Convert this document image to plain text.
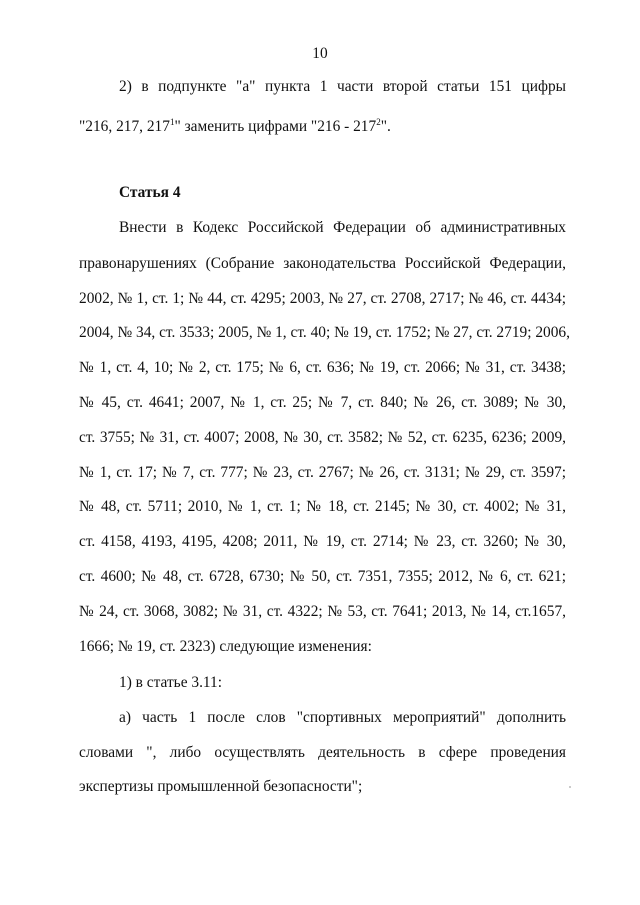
10
2) в подпункте "а" пункта 1 части второй статьи 151 цифры
"216, 217, $217^1$" заменить цифрами "$216 - 217^2$".
Статья 4
Внести в Кодекс Российской Федерации об административных
правонарушениях (Собрание законодательства Российской Федерации,
2002, № 1, ст. 1; № 44, ст. 4295; 2003, № 27, ст. 2708, 2717; № 46, ст. 4434;
2004, № 34, ст. 3533; 2005, № 1, ст. 40; № 19, ст. 1752; № 27, ст. 2719; 2006,
№ 1, ст. 4, 10; № 2, ст. 175; № 6, ст. 636; № 19, ст. 2066; № 31, ст. 3438;
№ 45, ст. 4641; 2007, № 1, ст. 25; № 7, ст. 840; № 26, ст. 3089; № 30,
ст. 3755; № 31, ст. 4007; 2008, № 30, ст. 3582; № 52, ст. 6235, 6236; 2009,
№ 1, ст. 17; № 7, ст. 777; № 23, ст. 2767; № 26, ст. 3131; № 29, ст. 3597;
№ 48, ст. 5711; 2010, № 1, ст. 1; № 18, ст. 2145; № 30, ст. 4002; № 31,
ст. 4158, 4193, 4195, 4208; 2011, № 19, ст. 2714; № 23, ст. 3260; № 30,
ст. 4600; № 48, ст. 6728, 6730; № 50, ст. 7351, 7355; 2012, № 6, ст. 621;
№ 24, ст. 3068, 3082; № 31, ст. 4322; № 53, ст. 7641; 2013, № 14, ст.1657,
1666; № 19, ст. 2323) следующие изменения:
1) в статье 3.11:
а) часть 1 после слов "спортивных мероприятий" дополнить
словами ", либо осуществлять деятельность в сфере проведения
экспертизы промышленной безопасности";
